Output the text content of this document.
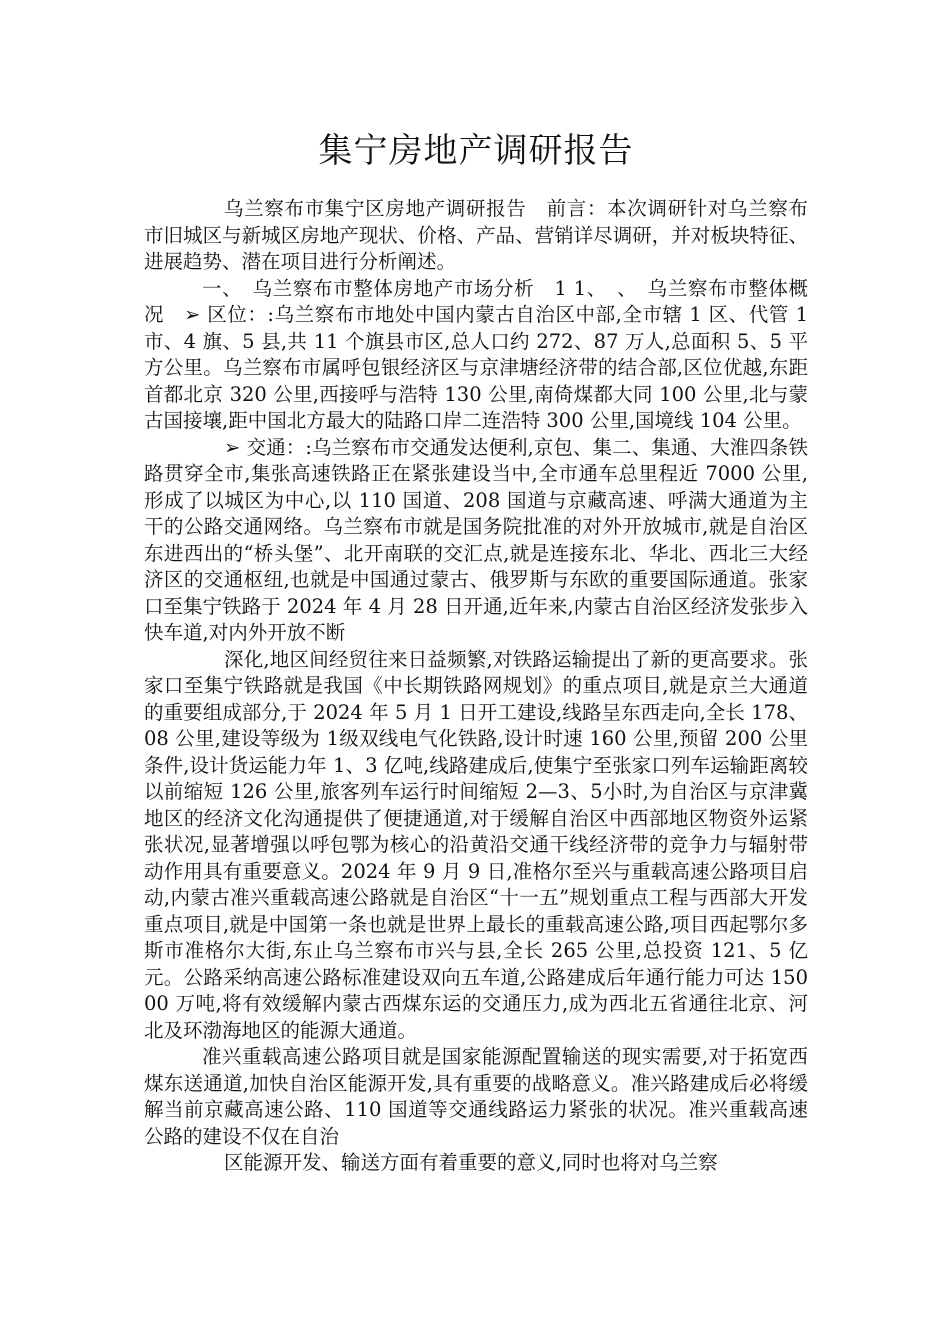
集宁房地产调研报告

乌兰察布市集宁区房地产调研报告　前言：本次调研针对乌兰察布市旧城区与新城区房地产现状、价格、产品、营销详尽调研，并对板块特征、进展趋势、潜在项目进行分析阐述。

一、　乌兰察布市整体房地产市场分析　1 1、　、　乌兰察布市整体概况　➢ 区位：:乌兰察布市地处中国内蒙古自治区中部,全市辖 1 区、代管 1 市、4 旗、5 县,共 11 个旗县市区,总人口约 272、87 万人,总面积 5、5 平方公里。乌兰察布市属呼包银经济区与京津塘经济带的结合部,区位优越,东距首都北京 320 公里,西接呼与浩特 130 公里,南倚煤都大同 100 公里,北与蒙古国接壤,距中国北方最大的陆路口岸二连浩特 300 公里,国境线 104 公里。

➢ 交通：:乌兰察布市交通发达便利,京包、集二、集通、大淮四条铁路贯穿全市,集张高速铁路正在紧张建设当中,全市通车总里程近 7000 公里,形成了以城区为中心,以 110 国道、208 国道与京藏高速、呼满大通道为主干的公路交通网络。乌兰察布市就是国务院批准的对外开放城市,就是自治区东进西出的“桥头堡”、北开南联的交汇点,就是连接东北、华北、西北三大经济区的交通枢纽,也就是中国通过蒙古、俄罗斯与东欧的重要国际通道。张家口至集宁铁路于 2024 年 4 月 28 日开通,近年来,内蒙古自治区经济发张步入快车道,对内外开放不断

深化,地区间经贸往来日益频繁,对铁路运输提出了新的更高要求。张家口至集宁铁路就是我国《中长期铁路网规划》的重点项目,就是京兰大通道的重要组成部分,于 2024 年 5 月 1 日开工建设,线路呈东西走向,全长 178、08 公里,建设等级为 1级双线电气化铁路,设计时速 160 公里,预留 200 公里条件,设计货运能力年 1、3 亿吨,线路建成后,使集宁至张家口列车运输距离较以前缩短 126 公里,旅客列车运行时间缩短 2—3、5小时,为自治区与京津冀地区的经济文化沟通提供了便捷通道,对于缓解自治区中西部地区物资外运紧张状况,显著增强以呼包鄂为核心的沿黄沿交通干线经济带的竞争力与辐射带动作用具有重要意义。2024 年 9 月 9 日,准格尔至兴与重载高速公路项目启动,内蒙古准兴重载高速公路就是自治区“十一五”规划重点工程与西部大开发重点项目,就是中国第一条也就是世界上最长的重载高速公路,项目西起鄂尔多斯市准格尔大街,东止乌兰察布市兴与县,全长 265 公里,总投资 121、5 亿元。公路采纳高速公路标准建设双向五车道,公路建成后年通行能力可达 15000 万吨,将有效缓解内蒙古西煤东运的交通压力,成为西北五省通往北京、河北及环渤海地区的能源大通道。

准兴重载高速公路项目就是国家能源配置输送的现实需要,对于拓宽西煤东送通道,加快自治区能源开发,具有重要的战略意义。准兴路建成后必将缓解当前京藏高速公路、110 国道等交通线路运力紧张的状况。准兴重载高速公路的建设不仅在自治

区能源开发、输送方面有着重要的意义,同时也将对乌兰察
